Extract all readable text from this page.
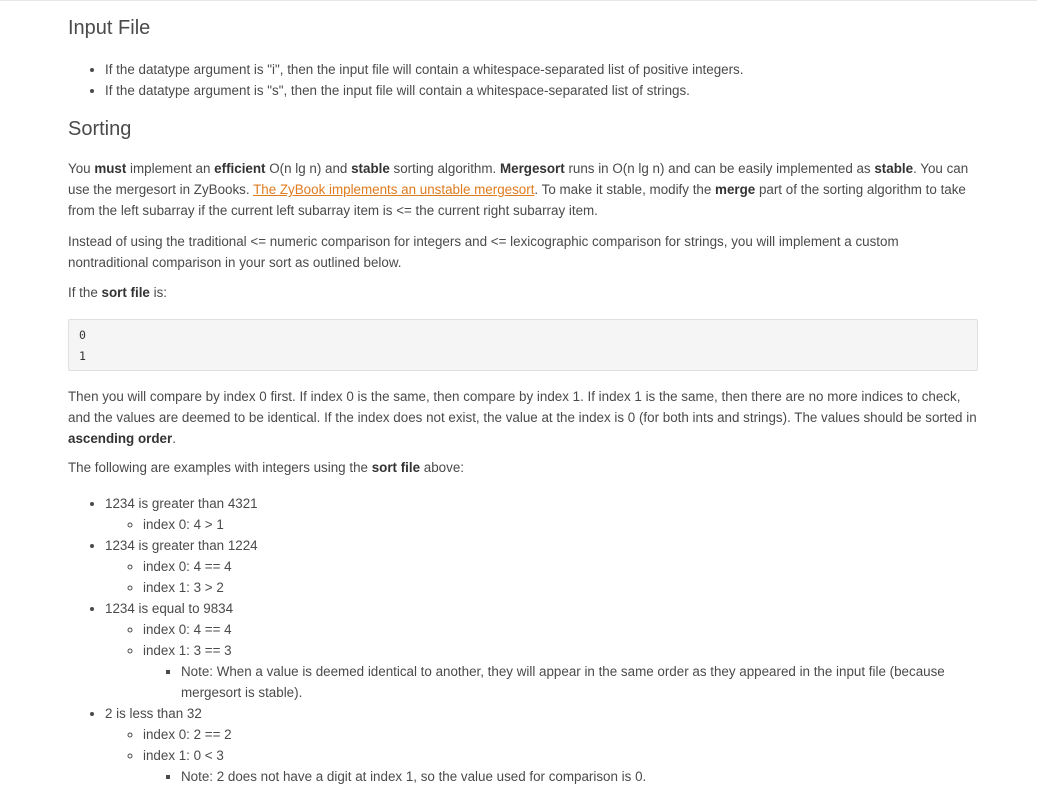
Input File
• If the datatype argument is "i", then the input file will contain a whitespace-separated list of positive integers.
• If the datatype argument is "s", then the input file will contain a whitespace-separated list of strings.
Sorting

You must implement an efficient O(n lg n) and stable sorting algorithm. Mergesort runs in O(n lg n) and can be easily implemented as stable. You can use the mergesort in ZyBooks. The ZyBook implements an unstable mergesort. To make it stable, modify the merge part of the sorting algorithm to take from the left subarray if the current left subarray item is <= the current right subarray item.

Instead of using the traditional <= numeric comparison for integers and <= lexicographic comparison for strings, you will implement a custom nontraditional comparison in your sort as outlined below.

If the sort file is:

0
1

Then you will compare by index 0 first. If index 0 is the same, then compare by index 1. If index 1 is the same, then there are no more indices to check, and the values are deemed to be identical. If the index does not exist, the value at the index is 0 (for both ints and strings). The values should be sorted in ascending order.

The following are examples with integers using the sort file above:

• 1234 is greater than 4321
◦ index 0: 4 > 1
• 1234 is greater than 1224
◦ index 0: 4 == 4
◦ index 1: 3 > 2
• 1234 is equal to 9834
◦ index 0: 4 == 4
◦ index 1: 3 == 3
▪ Note: When a value is deemed identical to another, they will appear in the same order as they appeared in the input file (because mergesort is stable).
• 2 is less than 32
◦ index 0: 2 == 2
◦ index 1: 0 < 3
▪ Note: 2 does not have a digit at index 1, so the value used for comparison is 0.
